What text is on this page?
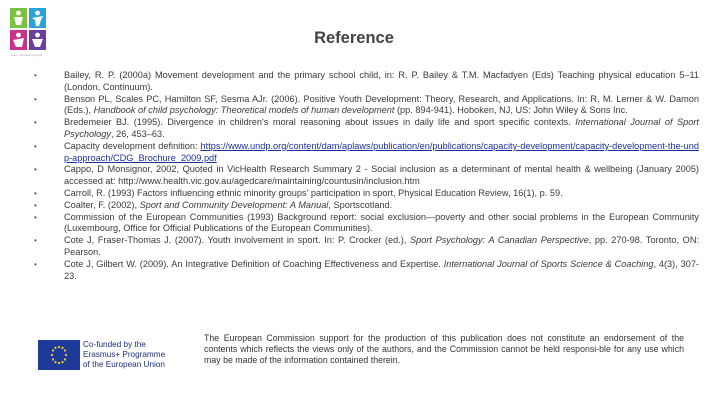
sport inclusion project
Reference
•	Bailey, R. P. (2000a) Movement development and the primary school child, in: R. P. Bailey & T.M. Macfadyen (Eds) Teaching physical education 5–11 (London, Continuum).
•	Benson PL, Scales PC, Hamilton SF, Sesma AJr. (2006). Positive Youth Development: Theory, Research, and Applications. In: R. M. Lerner & W. Damon (Eds.), Handbook of child psychology: Theoretical models of human development (pp. 894-941). Hoboken, NJ, US: John Wiley & Sons Inc.
•	Bredemeier BJ. (1995). Divergence in children's moral reasoning about issues in daily life and sport specific contexts. International Journal of Sport Psychology, 26, 453–63.
•	Capacity development definition: https://www.undp.org/content/dam/aplaws/publication/en/publications/capacity-development/capacity-development-the-undp-approach/CDG_Brochure_2009.pdf
•	Cappo, D Monsignor, 2002, Quoted in VicHealth Research Summary 2 - Social inclusion as a determinant of mental health & wellbeing (January 2005) accessed at: http://www.health.vic.gov.au/agedcare/maintaining/countusin/inclusion.htm
•	Carroll, R. (1993) Factors influencing ethnic minority groups' participation in sport, Physical Education Review, 16(1), p. 59.
•	Coalter, F. (2002), Sport and Community Development: A Manual, Sportscotland.
•	Commission of the European Communities (1993) Background report: social exclusion—poverty and other social problems in the European Community (Luxembourg, Office for Official Publications of the European Communities).
•	Cote J, Fraser-Thomas J. (2007). Youth involvement in sport. In: P. Crocker (ed.), Sport Psychology: A Canadian Perspective, pp. 270-98. Toronto, ON: Pearson.
•	Cote J, Gilbert W. (2009). An Integrative Definition of Coaching Effectiveness and Expertise. International Journal of Sports Science & Coaching, 4(3), 307-23.
Co-funded by the
Erasmus+ Programme
of the European Union
The European Commission support for the production of this publication does not constitute an endorsement of the contents which reflects the views only of the authors, and the Commission cannot be held responsi-ble for any use which may be made of the information contained therein.
